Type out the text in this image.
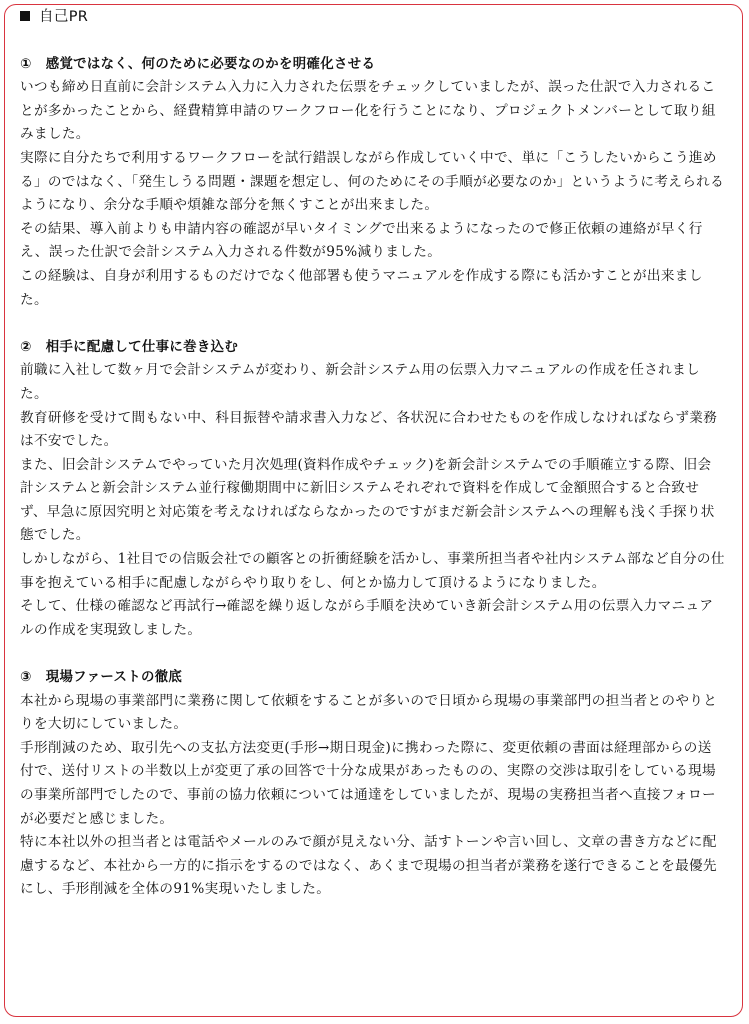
自己PR

① 感覚ではなく、何のために必要なのかを明確化させる

いつも締め日直前に会計システム入力に入力された伝票をチェックしていましたが、誤った仕訳で入力されることが多かったことから、経費精算申請のワークフロー化を行うことになり、プロジェクトメンバーとして取り組みました。

実際に自分たちで利用するワークフローを試行錯誤しながら作成していく中で、単に「こうしたいからこう進める」のではなく、「発生しうる問題・課題を想定し、何のためにその手順が必要なのか」というように考えられるようになり、余分な手順や煩雑な部分を無くすことが出来ました。

その結果、導入前よりも申請内容の確認が早いタイミングで出来るようになったので修正依頼の連絡が早く行え、誤った仕訳で会計システム入力される件数が95%減りました。

この経験は、自身が利用するものだけでなく他部署も使うマニュアルを作成する際にも活かすことが出来ました。

② 相手に配慮して仕事に巻き込む

前職に入社して数ヶ月で会計システムが変わり、新会計システム用の伝票入力マニュアルの作成を任されました。

教育研修を受けて間もない中、科目振替や請求書入力など、各状況に合わせたものを作成しなければならず業務は不安でした。

また、旧会計システムでやっていた月次処理(資料作成やチェック)を新会計システムでの手順確立する際、旧会計システムと新会計システム並行稼働期間中に新旧システムそれぞれで資料を作成して金額照合すると合致せず、早急に原因究明と対応策を考えなければならなかったのですがまだ新会計システムへの理解も浅く手探り状態でした。

しかしながら、1社目での信販会社での顧客との折衝経験を活かし、事業所担当者や社内システム部など自分の仕事を抱えている相手に配慮しながらやり取りをし、何とか協力して頂けるようになりました。

そして、仕様の確認など再試行→確認を繰り返しながら手順を決めていき新会計システム用の伝票入力マニュアルの作成を実現致しました。

③ 現場ファーストの徹底

本社から現場の事業部門に業務に関して依頼をすることが多いので日頃から現場の事業部門の担当者とのやりとりを大切にしていました。

手形削減のため、取引先への支払方法変更(手形→期日現金)に携わった際に、変更依頼の書面は経理部からの送付で、送付リストの半数以上が変更了承の回答で十分な成果があったものの、実際の交渉は取引をしている現場の事業所部門でしたので、事前の協力依頼については通達をしていましたが、現場の実務担当者へ直接フォローが必要だと感じました。

特に本社以外の担当者とは電話やメールのみで顔が見えない分、話すトーンや言い回し、文章の書き方などに配慮するなど、本社から一方的に指示をするのではなく、あくまで現場の担当者が業務を遂行できることを最優先にし、手形削減を全体の91%実現いたしました。
